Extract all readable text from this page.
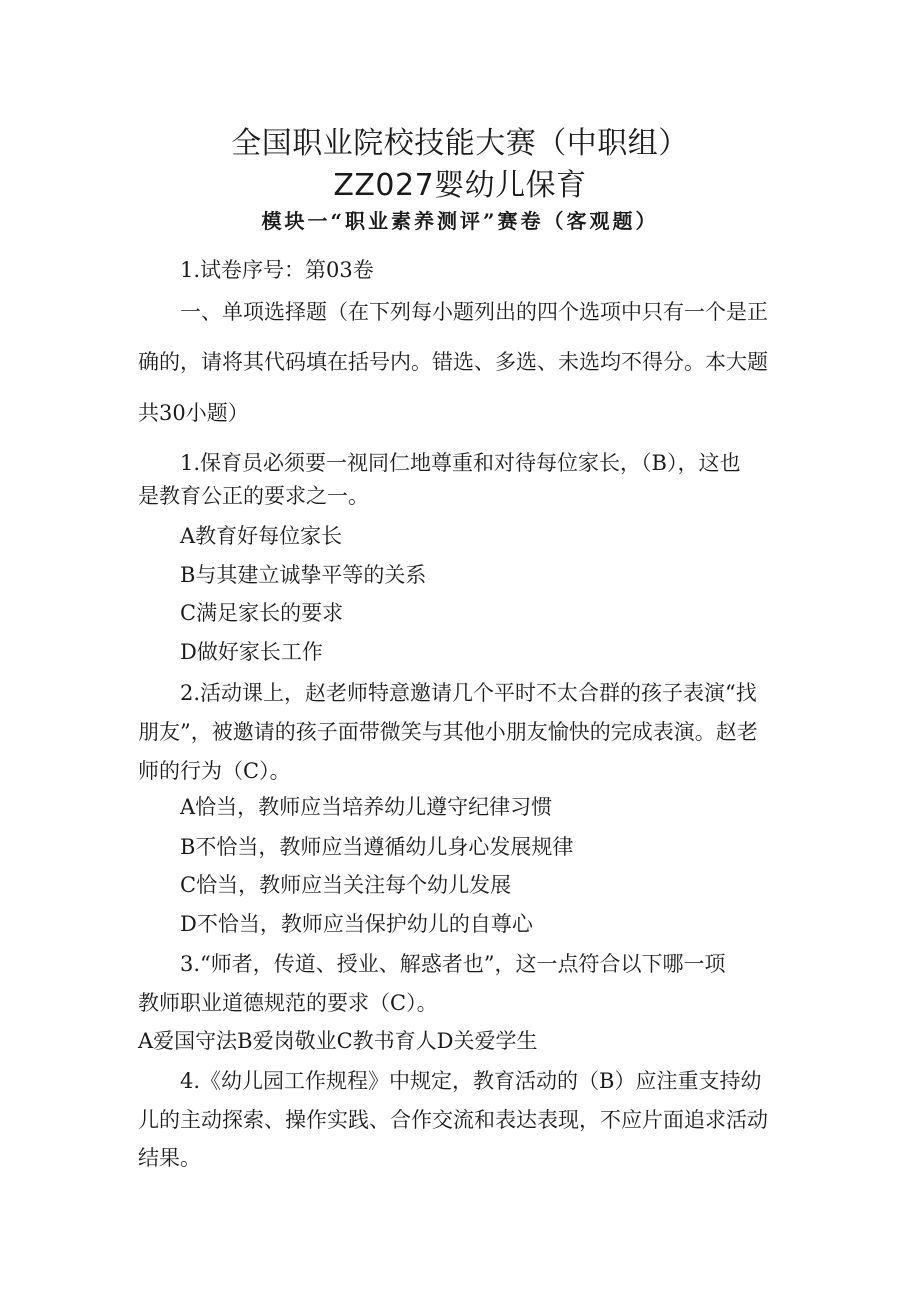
全国职业院校技能大赛（中职组）
ZZ027婴幼儿保育
模块一“职业素养测评”赛卷（客观题）
1.试卷序号：第03卷
一、单项选择题（在下列每小题列出的四个选项中只有一个是正
确的，请将其代码填在括号内。错选、多选、未选均不得分。本大题
共30小题）
1.保育员必须要一视同仁地尊重和对待每位家长，（B），这也
是教育公正的要求之一。
A教育好每位家长
B与其建立诚挚平等的关系
C满足家长的要求
D做好家长工作
2.活动课上，赵老师特意邀请几个平时不太合群的孩子表演“找
朋友”，被邀请的孩子面带微笑与其他小朋友愉快的完成表演。赵老
师的行为（C）。
A恰当，教师应当培养幼儿遵守纪律习惯
B不恰当，教师应当遵循幼儿身心发展规律
C恰当，教师应当关注每个幼儿发展
D不恰当，教师应当保护幼儿的自尊心
3.“师者，传道、授业、解惑者也”，这一点符合以下哪一项
教师职业道德规范的要求（C）。
A爱国守法B爱岗敬业C教书育人D关爱学生
4.《幼儿园工作规程》中规定，教育活动的（B）应注重支持幼
儿的主动探索、操作实践、合作交流和表达表现，不应片面追求活动
结果。
